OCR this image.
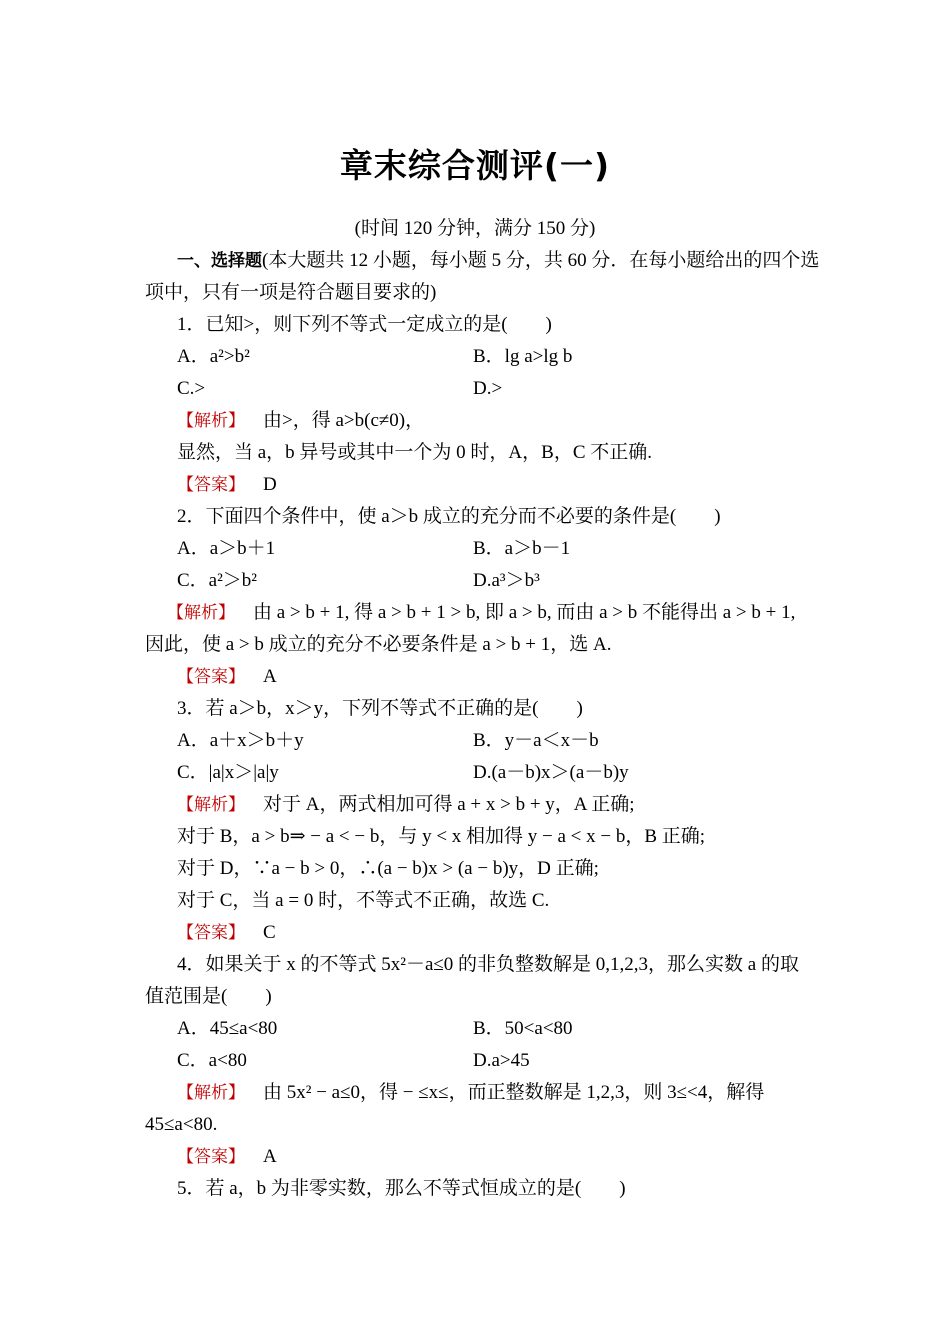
章末综合测评(一)
(时间 120 分钟，满分 150 分)
一、选择题(本大题共 12 小题，每小题 5 分，共 60 分．在每小题给出的四个选
项中，只有一项是符合题目要求的)
1．已知>，则下列不等式一定成立的是(　　)
A．a²>b²	B．lg a>lg b
C.>	D.>
【解析】 由>，得 a>b(c≠0)，
显然，当 a，b 异号或其中一个为 0 时，A，B，C 不正确.
【答案】 D
2．下面四个条件中，使 a＞b 成立的充分而不必要的条件是(　　)
A．a＞b＋1	B．a＞b－1
C．a²＞b²	D.a³＞b³
【解析】 由 a > b + 1, 得 a > b + 1 > b, 即 a > b, 而由 a > b 不能得出 a > b + 1,
因此，使 a > b 成立的充分不必要条件是 a > b + 1，选 A.
【答案】 A
3．若 a＞b，x＞y，下列不等式不正确的是(　　)
A．a＋x＞b＋y	B．y－a＜x－b
C．|a|x＞|a|y	D.(a－b)x＞(a－b)y
【解析】 对于 A，两式相加可得 a + x > b + y，A 正确;
对于 B，a > b⇒ − a < − b，与 y < x 相加得 y − a < x − b，B 正确;
对于 D，∵a − b > 0，∴(a − b)x > (a − b)y，D 正确;
对于 C，当 a = 0 时，不等式不正确，故选 C.
【答案】 C
4．如果关于 x 的不等式 5x²－a≤0 的非负整数解是 0,1,2,3，那么实数 a 的取
值范围是(　　)
A．45≤a<80	B．50<a<80
C．a<80	D.a>45
【解析】 由 5x² − a≤0，得 − ≤x≤，而正整数解是 1,2,3，则 3≤<4，解得
45≤a<80.
【答案】 A
5．若 a，b 为非零实数，那么不等式恒成立的是(　　)
